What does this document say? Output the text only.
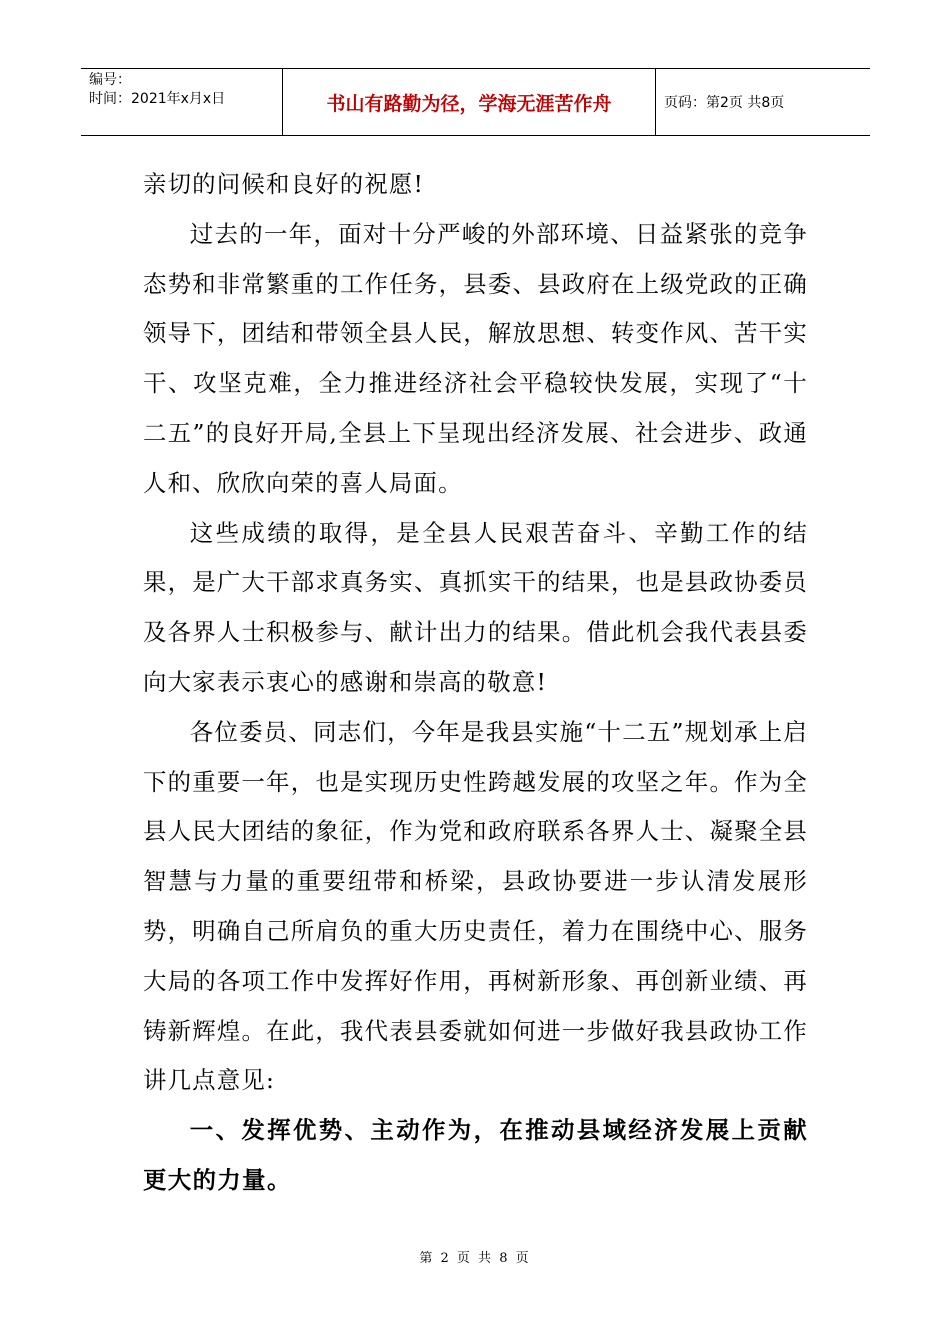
编号：
时间：2021年x月x日	书山有路勤为径，学海无涯苦作舟	页码：第2页 共8页

亲切的问候和良好的祝愿!

过去的一年，面对十分严峻的外部环境、日益紧张的竞争态势和非常繁重的工作任务，县委、县政府在上级党政的正确领导下，团结和带领全县人民，解放思想、转变作风、苦干实干、攻坚克难，全力推进经济社会平稳较快发展，实现了“十二五”的良好开局,全县上下呈现出经济发展、社会进步、政通人和、欣欣向荣的喜人局面。

这些成绩的取得，是全县人民艰苦奋斗、辛勤工作的结果，是广大干部求真务实、真抓实干的结果，也是县政协委员及各界人士积极参与、献计出力的结果。借此机会我代表县委向大家表示衷心的感谢和崇高的敬意!

各位委员、同志们，今年是我县实施“十二五”规划承上启下的重要一年，也是实现历史性跨越发展的攻坚之年。作为全县人民大团结的象征，作为党和政府联系各界人士、凝聚全县智慧与力量的重要纽带和桥梁，县政协要进一步认清发展形势，明确自己所肩负的重大历史责任，着力在围绕中心、服务大局的各项工作中发挥好作用，再树新形象、再创新业绩、再铸新辉煌。在此，我代表县委就如何进一步做好我县政协工作讲几点意见:

一、发挥优势、主动作为，在推动县域经济发展上贡献更大的力量。

第 2 页 共 8 页
